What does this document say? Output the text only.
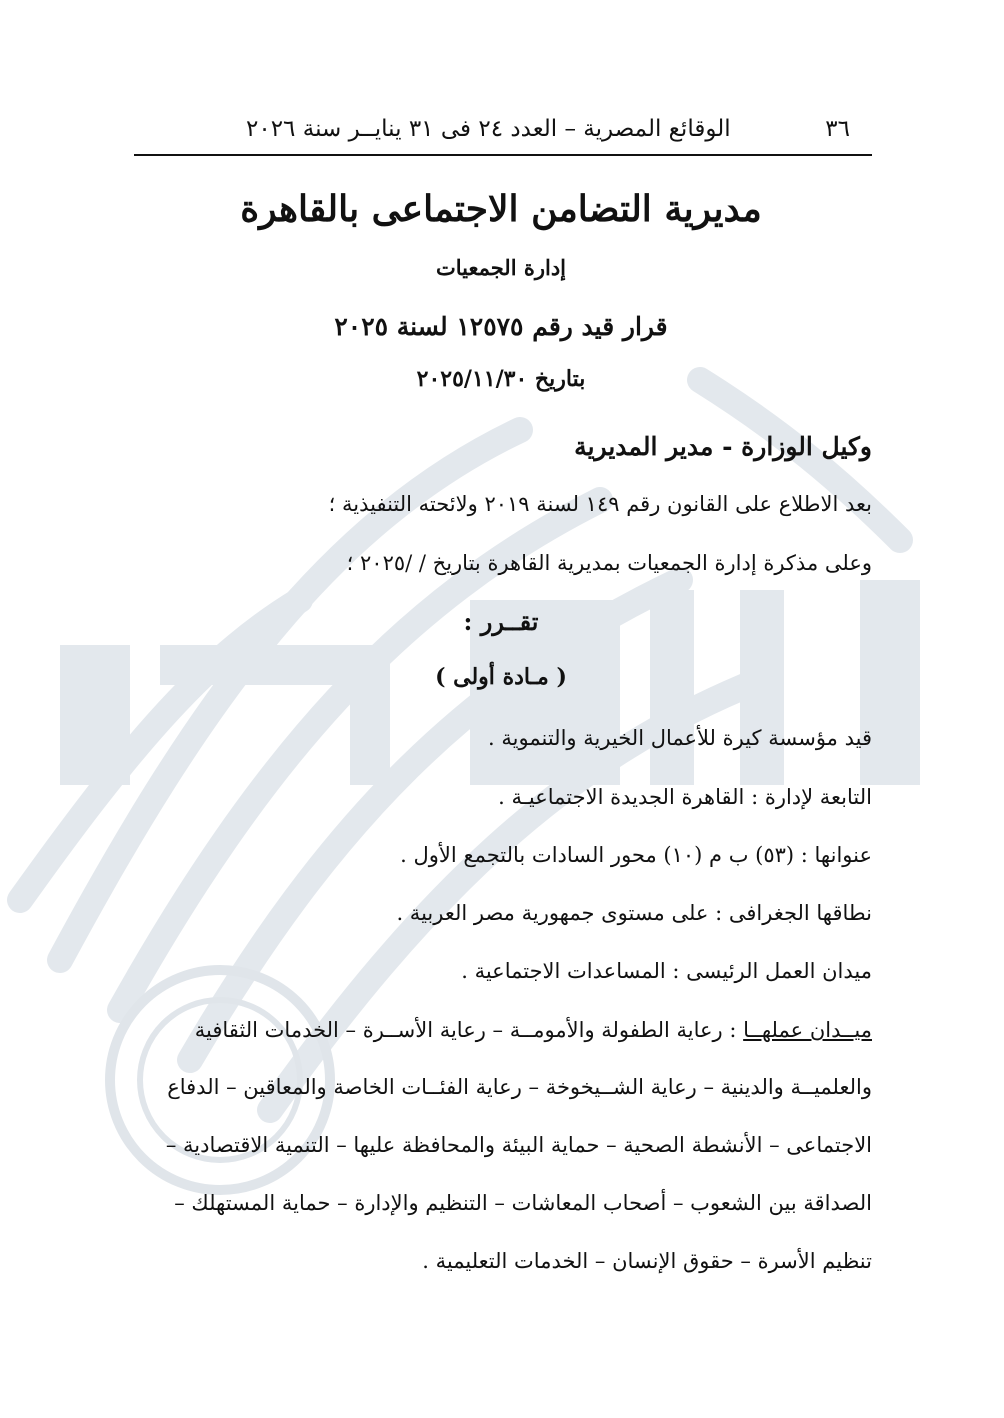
٣٦
الوقائع المصرية – العدد ٢٤ فى ٣١ ينايــر سنة ٢٠٢٦
مديرية التضامن الاجتماعى بالقاهرة
إدارة الجمعيات
قرار قيد رقم ١٢٥٧٥ لسنة ٢٠٢٥
بتاريخ ٢٠٢٥/١١/٣٠
وكيل الوزارة - مدير المديرية
بعد الاطلاع على القانون رقم ١٤٩ لسنة ٢٠١٩ ولائحته التنفيذية ؛
وعلى مذكرة إدارة الجمعيات بمديرية القاهرة بتاريخ / /٢٠٢٥ ؛
تقــرر :
( مـادة أولى )
قيد مؤسسة كيرة للأعمال الخيرية والتنموية .
التابعة لإدارة : القاهرة الجديدة الاجتماعيـة .
عنوانها : (٥٣) ب م (١٠) محور السادات بالتجمع الأول .
نطاقها الجغرافى : على مستوى جمهورية مصر العربية .
ميدان العمل الرئيسى : المساعدات الاجتماعية .
ميــدان عملهــا : رعاية الطفولة والأمومــة – رعاية الأســرة – الخدمات الثقافية
والعلميــة والدينية – رعاية الشــيخوخة – رعاية الفئــات الخاصة والمعاقين – الدفاع
الاجتماعى – الأنشطة الصحية – حماية البيئة والمحافظة عليها – التنمية الاقتصادية –
الصداقة بين الشعوب – أصحاب المعاشات – التنظيم والإدارة – حماية المستهلك –
تنظيم الأسرة – حقوق الإنسان – الخدمات التعليمية .
